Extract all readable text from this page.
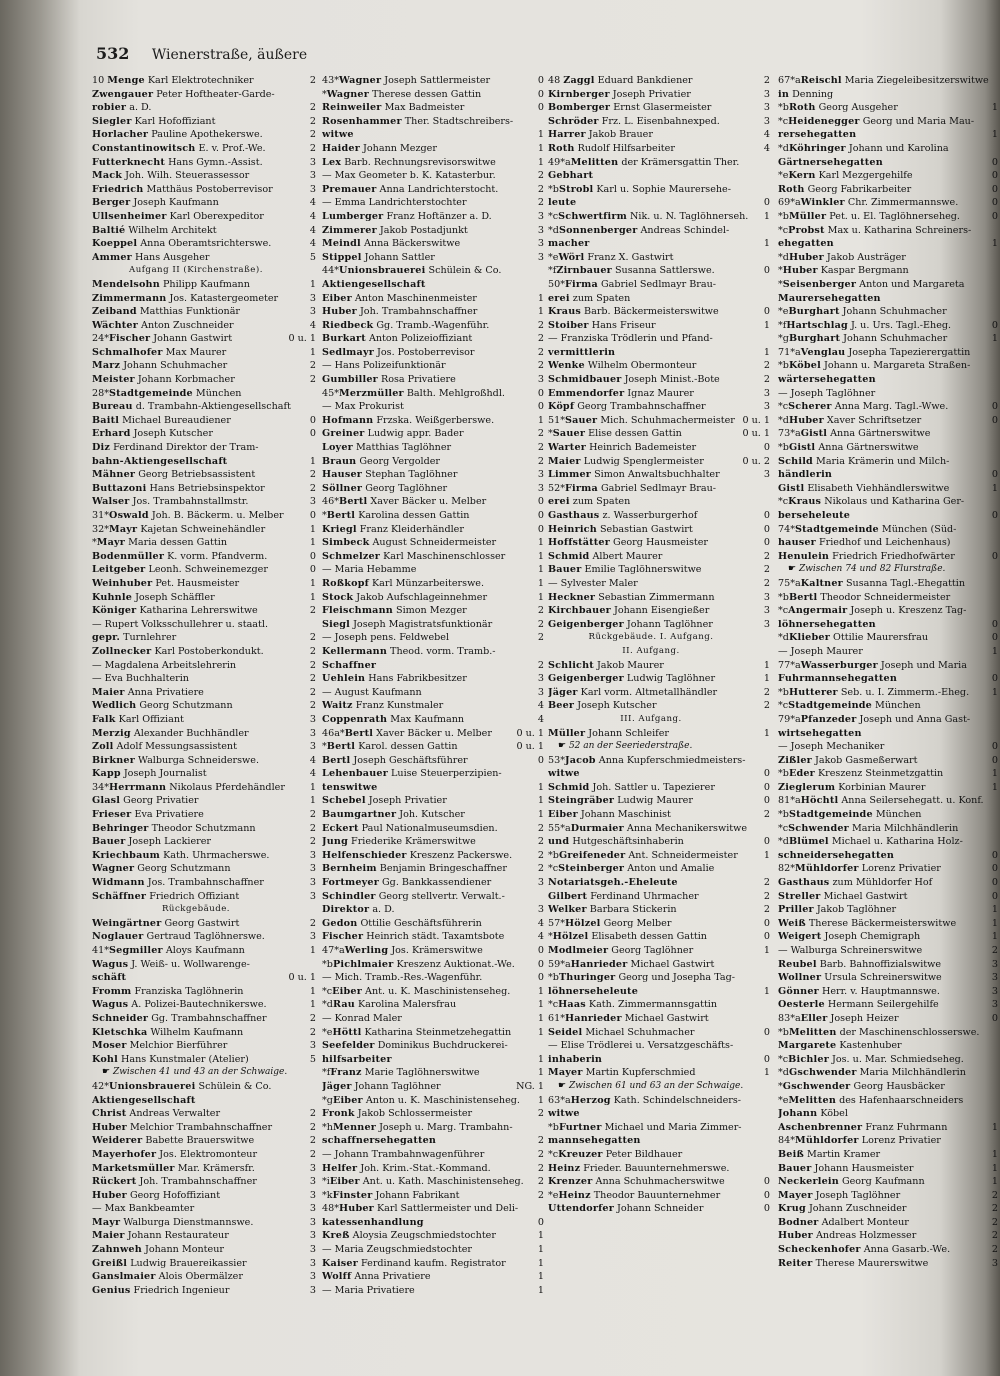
532 Wienerstraße, äußere
10 Menge Karl Elektrotechniker	2
Zwengauer Peter Hoftheater-Garde-
robier a. D.	2
Siegler Karl Hofoffiziant	2
Horlacher Pauline Apothekerswe.	2
Constantinowitsch E. v. Prof.-We.	2
Futterknecht Hans Gymn.-Assist.	3
Mack Joh. Wilh. Steuerassessor	3
Friedrich Matthäus Postoberrevisor	3
Berger Joseph Kaufmann	4
Ullsenheimer Karl Oberexpeditor	4
Baltié Wilhelm Architekt	4
Koeppel Anna Oberamtsrichterswe.	4
Ammer Hans Ausgeher	5
Aufgang II (Kirchenstraße).
Mendelsohn Philipp Kaufmann	1
Zimmermann Jos. Katastergeometer	3
Zeiband Matthias Funktionär	3
Wächter Anton Zuschneider	4
24*Fischer Johann Gastwirt	0 u. 1
Schmalhofer Max Maurer	1
Marz Johann Schuhmacher	2
Meister Johann Korbmacher	2
28*Stadtgemeinde München
Bureau d. Trambahn-Aktiengesellschaft
Baitl Michael Bureaudiener	0
Erhard Joseph Kutscher	0
Diz Ferdinand Direktor der Tram-
bahn-Aktiengesellschaft	1
Mähner Georg Betriebsassistent	2
Buttazoni Hans Betriebsinspektor	2
Walser Jos. Trambahnstallmstr.	3
31*Oswald Joh. B. Bäckerm. u. Melber	0
32*Mayr Kajetan Schweinehändler	1
*Mayr Maria dessen Gattin	1
Bodenmüller K. vorm. Pfandverm.	0
Leitgeber Leonh. Schweinemezger	0
Weinhuber Pet. Hausmeister	1
Kuhnle Joseph Schäffler	1
Königer Katharina Lehrerswitwe	2
— Rupert Volksschullehrer u. staatl.
gepr. Turnlehrer	2
Zollnecker Karl Postoberkondukt.	2
— Magdalena Arbeitslehrerin	2
— Eva Buchhalterin	2
Maier Anna Privatiere	2
Wedlich Georg Schutzmann	2
Falk Karl Offiziant	3
Merzig Alexander Buchhändler	3
Zoll Adolf Messungsassistent	3
Birkner Walburga Schneiderswe.	4
Kapp Joseph Journalist	4
34*Herrmann Nikolaus Pferdehändler	1
Glasl Georg Privatier	1
Frieser Eva Privatiere	2
Behringer Theodor Schutzmann	2
Bauer Joseph Lackierer	2
Kriechbaum Kath. Uhrmacherswe.	3
Wagner Georg Schutzmann	3
Widmann Jos. Trambahnschaffner	3
Schäffner Friedrich Offiziant	3
Rückgebäude.
Weingärtner Georg Gastwirt	2
Noglauer Gertraud Taglöhnerswe.	3
41*Segmiller Aloys Kaufmann	1
Wagus J. Weiß- u. Wollwarenge-
schäft	0 u. 1
Fromm Franziska Taglöhnerin	1
Wagus A. Polizei-Bautechnikerswe.	1
Schneider Gg. Trambahnschaffner	2
Kletschka Wilhelm Kaufmann	2
Moser Melchior Bierführer	3
Kohl Hans Kunstmaler (Atelier)	5
☛ Zwischen 41 und 43 an der Schwaige.
42*Unionsbrauerei Schülein & Co.
Aktiengesellschaft
Christ Andreas Verwalter	2
Huber Melchior Trambahnschaffner	2
Weiderer Babette Brauerswitwe	2
Mayerhofer Jos. Elektromonteur	2
Marketsmüller Mar. Krämersfr.	3
Rückert Joh. Trambahnschaffner	3
Huber Georg Hofoffiziant	3
— Max Bankbeamter	3
Mayr Walburga Dienstmannswe.	3
Maier Johann Restaurateur	3
Zahnweh Johann Monteur	3
Greißl Ludwig Brauereikassier	3
Ganslmaier Alois Obermälzer	3
Genius Friedrich Ingenieur	3
43*Wagner Joseph Sattlermeister	0
*Wagner Therese dessen Gattin	0
Reinweiler Max Badmeister	0
Rosenhammer Ther. Stadtschreibers-
witwe	1
Haider Johann Mezger	1
Lex Barb. Rechnungsrevisorswitwe	1
— Max Geometer b. K. Katasterbur.	2
Premauer Anna Landrichterstocht.	2
— Emma Landrichterstochter	2
Lumberger Franz Hoftänzer a. D.	3
Zimmerer Jakob Postadjunkt	3
Meindl Anna Bäckerswitwe	3
Stippel Johann Sattler	3
44*Unionsbrauerei Schülein & Co.
Aktiengesellschaft
Eiber Anton Maschinenmeister	1
Huber Joh. Trambahnschaffner	1
Riedbeck Gg. Tramb.-Wagenführ.	2
Burkart Anton Polizeioffiziant	2
Sedlmayr Jos. Postoberrevisor	2
— Hans Polizeifunktionär	2
Gumbiller Rosa Privatiere	3
45*Merzmüller Balth. Mehlgroßhdl.	0
— Max Prokurist	0
Hofmann Frzska. Weißgerberswe.	1
Greiner Ludwig appr. Bader	2
Loyer Matthias Taglöhner	2
Braun Georg Vergolder	2
Hauser Stephan Taglöhner	3
Söllner Georg Taglöhner	3
46*Bertl Xaver Bäcker u. Melber	0
*Bertl Karolina dessen Gattin	0
Kriegl Franz Kleiderhändler	0
Simbeck August Schneidermeister	1
Schmelzer Karl Maschinenschlosser	1
— Maria Hebamme	1
Roßkopf Karl Münzarbeiterswe.	1
Stock Jakob Aufschlageinnehmer	1
Fleischmann Simon Mezger	2
Siegl Joseph Magistratsfunktionär	2
— Joseph pens. Feldwebel	2
Kellermann Theod. vorm. Tramb.-
Schaffner	2
Uehlein Hans Fabrikbesitzer	3
— August Kaufmann	3
Waitz Franz Kunstmaler	4
Coppenrath Max Kaufmann	4
46a*Bertl Xaver Bäcker u. Melber	0 u. 1
*Bertl Karol. dessen Gattin	0 u. 1
Bertl Joseph Geschäftsführer	0
Lehenbauer Luise Steuerperzipien-
tenswitwe	1
Schebel Joseph Privatier	1
Baumgartner Joh. Kutscher	1
Eckert Paul Nationalmuseumsdien.	2
Jung Friederike Krämerswitwe	2
Helfenschieder Kreszenz Packerswe.	2
Bernheim Benjamin Bringeschaffner	2
Fortmeyer Gg. Bankkassendiener	3
Schindler Georg stellvertr. Verwalt.-
Direktor a. D.	3
Gedon Ottilie Geschäftsführerin	4
Fischer Heinrich städt. Taxamtsbote	4
47*aWerling Jos. Krämerswitwe	0
*bPichlmaier Kreszenz Auktionat.-We. 0
— Mich. Tramb.-Res.-Wagenführ.	0
*cEiber Ant. u. K. Maschinistenseheg.	1
*dRau Karolina Malersfrau	1
— Konrad Maler	1
*eHöttl Katharina Steinmetzehegattin	1
Seefelder Dominikus Buchdruckerei-
hilfsarbeiter	1
*fFranz Marie Taglöhnerswitwe	1
Jäger Johann Taglöhner	NG. 1
*gEiber Anton u. K. Maschinistenseheg. 1
Fronk Jakob Schlossermeister	2
*hMenner Joseph u. Marg. Trambahn-
schaffnersehegatten	2
— Johann Trambahnwagenführer	2
Helfer Joh. Krim.-Stat.-Kommand.	2
*iEiber Ant. u. Kath. Maschinistenseheg. 2
*kFinster Johann Fabrikant	2
48*Huber Karl Sattlermeister und Deli-
katessenhandlung	0
Kreß Aloysia Zeugschmiedstochter	1
— Maria Zeugschmiedstochter	1
Kaiser Ferdinand kaufm. Registrator	1
Wolff Anna Privatiere	1
— Maria Privatiere	1
48 Zaggl Eduard Bankdiener	2
Kirnberger Joseph Privatier	3
Bomberger Ernst Glasermeister	3
Schröder Frz. L. Eisenbahnexped.	3
Harrer Jakob Brauer	4
Roth Rudolf Hilfsarbeiter	4
49*aMelitten der Krämersgattin Ther.
Gebhart
*bStrobl Karl u. Sophie Maurersehe-
leute	0
*cSchwertfirm Nik. u. N. Taglöhnerseh. 1
*dSonnenberger Andreas Schindel-
macher	1
*eWörl Franz X. Gastwirt
*fZirnbauer Susanna Sattlerswe.	0
50*Firma Gabriel Sedlmayr Brau-
erei zum Spaten
Kraus Barb. Bäckermeisterswitwe	0
Stoiber Hans Friseur	1
— Franziska Trödlerin und Pfand-
vermittlerin	1
Wenke Wilhelm Obermonteur	2
Schmidbauer Joseph Minist.-Bote	2
Emmendorfer Ignaz Maurer	3
Köpf Georg Trambahnschaffner	3
51*Sauer Mich. Schuhmachermeister 0 u. 1
*Sauer Elise dessen Gattin	0 u. 1
Warter Heinrich Bademeister	0
Maier Ludwig Spenglermeister	0 u. 2
Limmer Simon Anwaltsbuchhalter	3
52*Firma Gabriel Sedlmayr Brau-
erei zum Spaten
Gasthaus z. Wasserburgerhof	0
Heinrich Sebastian Gastwirt	0
Hoffstätter Georg Hausmeister	0
Schmid Albert Maurer	2
Bauer Emilie Taglöhnerswitwe	2
— Sylvester Maler	2
Heckner Sebastian Zimmermann	3
Kirchbauer Johann Eisengießer	3
Geigenberger Johann Taglöhner	3
Rückgebäude. I. Aufgang.
II. Aufgang.
Schlicht Jakob Maurer	1
Geigenberger Ludwig Taglöhner	1
Jäger Karl vorm. Altmetallhändler	2
Beer Joseph Kutscher	2
III. Aufgang.
Müller Johann Schleifer	1
☛ 52 an der Seeriederstraße.
53*Jacob Anna Kupferschmiedmeisters-
witwe	0
Schmid Joh. Sattler u. Tapezierer	0
Steingräber Ludwig Maurer	0
Eiber Johann Maschinist	2
55*aDurmaier Anna Mechanikerswitwe
und Hutgeschäftsinhaberin	0
*bGreifeneder Ant. Schneidermeister	1
*cSteinberger Anton und Amalie
Notariatsgeh.-Eheleute	2
Gilbert Ferdinand Uhrmacher	2
Welker Barbara Stickerin	2
57*Hölzel Georg Melber	0
*Hölzel Elisabeth dessen Gattin	0
Modlmeier Georg Taglöhner	1
59*aHanrieder Michael Gastwirt
*bThuringer Georg und Josepha Tag-
löhnerseheleute	1
*cHaas Kath. Zimmermannsgattin
61*Hanrieder Michael Gastwirt
Seidel Michael Schuhmacher	0
— Elise Trödlerei u. Versatzgeschäfts-
inhaberin	0
Mayer Martin Kupferschmied	1
☛ Zwischen 61 und 63 an der Schwaige.
63*aHerzog Kath. Schindelschneiders-
witwe
*bFurtner Michael und Maria Zimmer-
mannsehegatten
*cKreuzer Peter Bildhauer
Heinz Frieder. Bauunternehmerswe.
Krenzer Anna Schuhmacherswitwe	0
*eHeinz Theodor Bauunternehmer	0
Uttendorfer Johann Schneider	0
67*aReischl Maria Ziegeleibesitzerswitwe
in Denning
*bRoth Georg Ausgeher	1
*cHeidenegger Georg und Maria Mau-
rersehegatten	1
*dKöhringer Johann und Karolina
Gärtnersehegatten	0
*eKern Karl Mezgergehilfe	0
Roth Georg Fabrikarbeiter	0
69*aWinkler Chr. Zimmermannswe.	0
*bMüller Pet. u. El. Taglöhnerseheg.	0
*cProbst Max u. Katharina Schreiners-
ehegatten	1
*dHuber Jakob Austräger
*Huber Kaspar Bergmann
*Seisenberger Anton und Margareta
Maurersehegatten
*eBurghart Johann Schuhmacher
*fHartschlag J. u. Urs. Tagl.-Eheg.	0
*gBurghart Johann Schuhmacher	1
71*aVenglau Josepha Tapezierergattin
*bKöbel Johann u. Margareta Straßen-
wärtersehegatten
— Joseph Taglöhner
*cScherer Anna Marg. Tagl.-Wwe.	0
*dHuber Xaver Schriftsetzer	0
73*aGistl Anna Gärtnerswitwe
*bGistl Anna Gärtnerswitwe
Schild Maria Krämerin und Milch-
händlerin	0
Gistl Elisabeth Viehhändlerswitwe	1
*cKraus Nikolaus und Katharina Ger-
berseheleute	0
74*Stadtgemeinde München (Süd-
hauser Friedhof und Leichenhaus)
Henulein Friedrich Friedhofwärter	0
☛ Zwischen 74 und 82 Flurstraße.
75*aKaltner Susanna Tagl.-Ehegattin
*bBertl Theodor Schneidermeister
*cAngermair Joseph u. Kreszenz Tag-
löhnersehegatten	0
*dKlieber Ottilie Maurersfrau	0
— Joseph Maurer	1
77*aWasserburger Joseph und Maria
Fuhrmannsehegatten	0
*bHutterer Seb. u. I. Zimmerm.-Eheg. 1
*cStadtgemeinde München
79*aPfanzeder Joseph und Anna Gast-
wirtsehegatten
— Joseph Mechaniker	0
Zißler Jakob Gasmeßerwart	0
*bEder Kreszenz Steinmetzgattin	1
Zieglerum Korbinian Maurer	1
81*aHöchtl Anna Seilersehegatt. u. Konf.
*bStadtgemeinde München
*cSchwender Maria Milchhändlerin
*dBlümel Michael u. Katharina Holz-
schneidersehegatten	0
82*Mühldorfer Lorenz Privatier	0
Gasthaus zum Mühldorfer Hof	0
Streller Michael Gastwirt	0
Priller Jakob Taglöhner	1
Weiß Therese Bäckermeisterswitwe	1
Weigert Joseph Chemigraph	1
— Walburga Schreinerswitwe	2
Reubel Barb. Bahnoffizialswitwe	3
Wollner Ursula Schreinerswitwe	3
Gönner Herr. v. Hauptmannswe.	3
Oesterle Hermann Seilergehilfe	3
83*aEller Joseph Heizer	0
*bMelitten der Maschinenschlosserswe.
Margarete Kastenhuber
*cBichler Jos. u. Mar. Schmiedseheg.
*dGschwender Maria Milchhändlerin
*Gschwender Georg Hausbäcker
*eMelitten des Hafenhaarschneiders
Johann Köbel
Aschenbrenner Franz Fuhrmann	1
84*Mühldorfer Lorenz Privatier
Beiß Martin Kramer	1
Bauer Johann Hausmeister	1
Neckerlein Georg Kaufmann	1
Mayer Joseph Taglöhner	2
Krug Johann Zuschneider	2
Bodner Adalbert Monteur	2
Huber Andreas Holzmesser	2
Scheckenhofer Anna Gasarb.-We.	2
Reiter Therese Maurerswitwe	3
